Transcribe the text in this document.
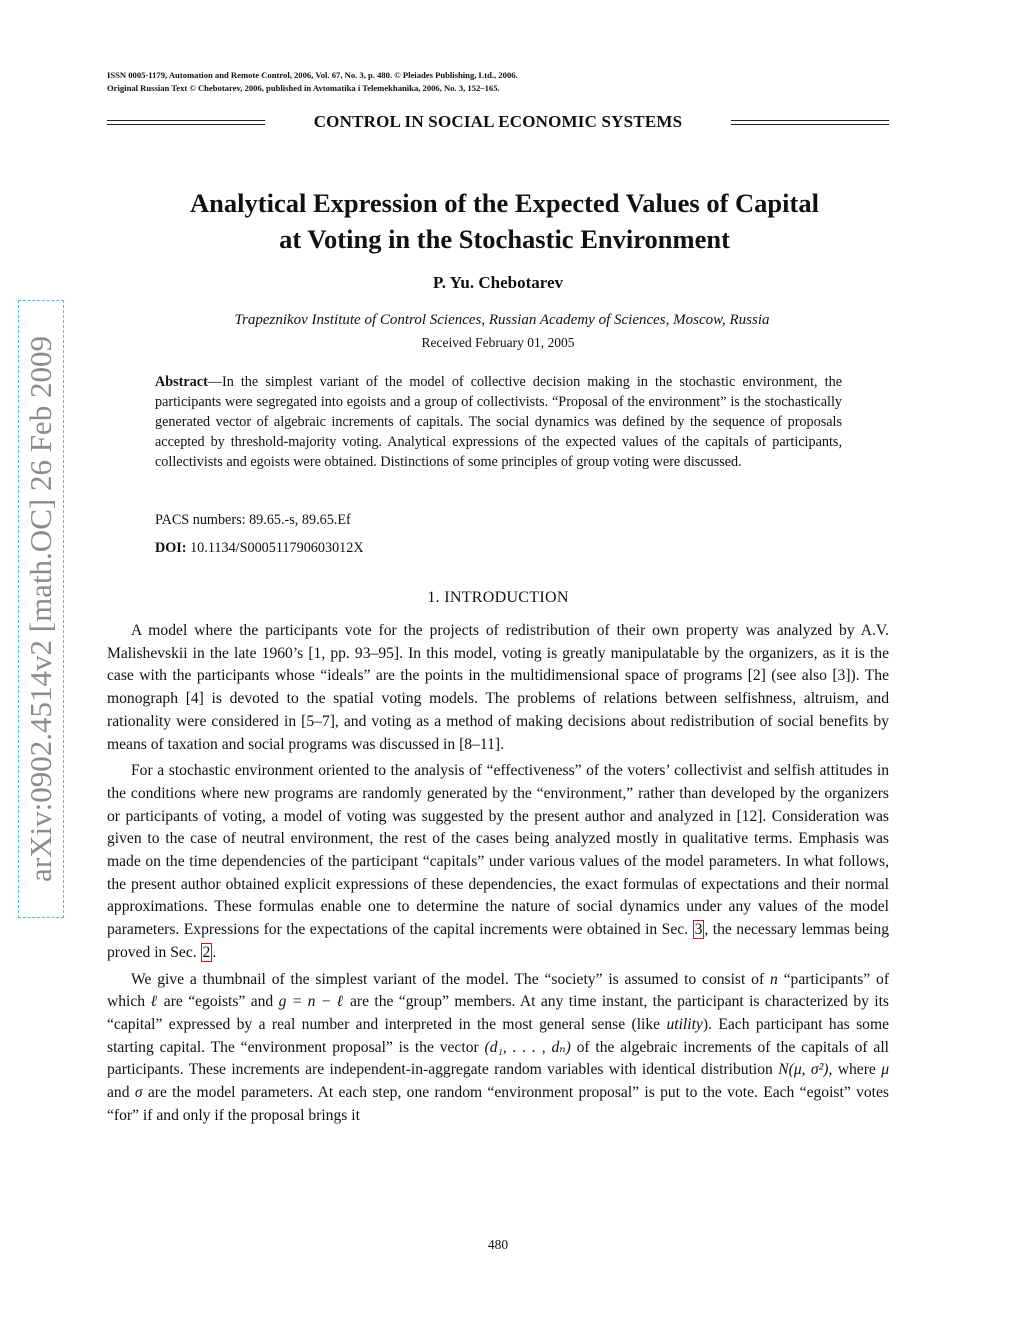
ISSN 0005-1179, Automation and Remote Control, 2006, Vol. 67, No. 3, p. 480. © Pleiades Publishing, Ltd., 2006.
Original Russian Text © Chebotarev, 2006, published in Avtomatika i Telemekhanika, 2006, No. 3, 152–165.
CONTROL IN SOCIAL ECONOMIC SYSTEMS
Analytical Expression of the Expected Values of Capital
at Voting in the Stochastic Environment
P. Yu. Chebotarev
Trapeznikov Institute of Control Sciences, Russian Academy of Sciences, Moscow, Russia
Received February 01, 2005
Abstract—In the simplest variant of the model of collective decision making in the stochastic environment, the participants were segregated into egoists and a group of collectivists. “Proposal of the environment” is the stochastically generated vector of algebraic increments of capitals. The social dynamics was defined by the sequence of proposals accepted by threshold-majority voting. Analytical expressions of the expected values of the capitals of participants, collectivists and egoists were obtained. Distinctions of some principles of group voting were discussed.
PACS numbers: 89.65.-s, 89.65.Ef
DOI: 10.1134/S000511790603012X
1. INTRODUCTION

A model where the participants vote for the projects of redistribution of their own property was analyzed by A.V. Malishevskii in the late 1960’s [1, pp. 93–95]. In this model, voting is greatly manipulatable by the organizers, as it is the case with the participants whose “ideals” are the points in the multidimensional space of programs [2] (see also [3]). The monograph [4] is devoted to the spatial voting models. The problems of relations between selfishness, altruism, and rationality were considered in [5–7], and voting as a method of making decisions about redistribution of social benefits by means of taxation and social programs was discussed in [8–11].

For a stochastic environment oriented to the analysis of “effectiveness” of the voters’ collectivist and selfish attitudes in the conditions where new programs are randomly generated by the “environment,” rather than developed by the organizers or participants of voting, a model of voting was suggested by the present author and analyzed in [12]. Consideration was given to the case of neutral environment, the rest of the cases being analyzed mostly in qualitative terms. Emphasis was made on the time dependencies of the participant “capitals” under various values of the model parameters. In what follows, the present author obtained explicit expressions of these dependencies, the exact formulas of expectations and their normal approximations. These formulas enable one to determine the nature of social dynamics under any values of the model parameters. Expressions for the expectations of the capital increments were obtained in Sec. 3 , the necessary lemmas being proved in Sec. 2 .

We give a thumbnail of the simplest variant of the model. The “society” is assumed to consist of n “participants” of which ℓ are “egoists” and g = n − ℓ are the “group” members. At any time instant, the participant is characterized by its “capital” expressed by a real number and interpreted in the most general sense (like utility). Each participant has some starting capital. The “environment proposal” is the vector (d₁, . . . , dₙ) of the algebraic increments of the capitals of all participants. These increments are independent-in-aggregate random variables with identical distribution N(μ, σ²), where μ and σ are the model parameters. At each step, one random “environment proposal” is put to the vote. Each “egoist” votes “for” if and only if the proposal brings it

480
arXiv:0902.4514v2 [math.OC] 26 Feb 2009
